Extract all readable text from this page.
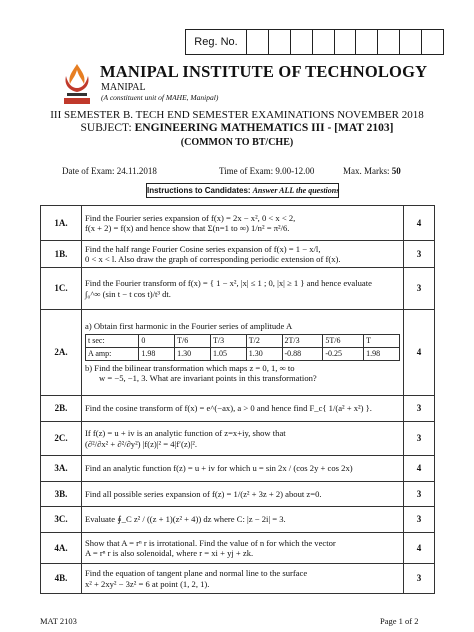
Reg. No.
MANIPAL INSTITUTE OF TECHNOLOGY
MANIPAL
(A constituent unit of MAHE, Manipal)
III SEMESTER B. TECH END SEMESTER EXAMINATIONS NOVEMBER 2018
SUBJECT: ENGINEERING MATHEMATICS III - [MAT 2103]
(COMMON TO BT/CHE)
Date of Exam: 24.11.2018	Time of Exam: 9.00-12.00	Max. Marks: 50
Instructions to Candidates: Answer ALL the questions
1A.	Find the Fourier series expansion of f(x) = 2x − x², 0 < x < 2,
f(x + 2) = f(x) and hence show that Σ(n=1 to ∞) 1/n² = π²/6.
	4
1B.	Find the half range Fourier Cosine series expansion of f(x) = 1 − x/l,
0 < x < l. Also draw the graph of corresponding periodic extension of f(x).
	3
1C.	Find the Fourier transform of f(x) = { 1 − x², |x| ≤ 1 ; 0, |x| ≥ 1 } and hence evaluate
∫₀^∞ (sin t − t cos t)/t³ dt.
	3
2A.	
a) Obtain first harmonic in the Fourier series of amplitude A
t sec:	0	T/6	T/3	T/2	2T/3	5T/6	T
A amp:	1.98	1.30	1.05	1.30	-0.88	-0.25	1.98
b) Find the bilinear transformation which maps z = 0, 1, ∞ to
w = −5, −1, 3. What are invariant points in this transformation?
	4
2B.	Find the cosine transform of f(x) = e^(−ax), a > 0 and hence find F_c{ 1/(a² + x²) }.	3
2C.	If f(z) = u + iv is an analytic function of z=x+iy, show that
(∂²/∂x² + ∂²/∂y²) |f(z)|² = 4|f′(z)|².
	3
3A.	Find an analytic function f(z) = u + iv for which u = sin 2x / (cos 2y + cos 2x)	4
3B.	Find all possible series expansion of f(z) = 1/(z² + 3z + 2) about z=0.	3
3C.	Evaluate ∮_C z² / ((z + 1)(z² + 4)) dz where C: |z − 2i| = 3.	3
4A.	Show that A = rⁿ r is irrotational. Find the value of n for which the vector
A = rⁿ r is also solenoidal, where r = xi + yj + zk.
	4
4B.	Find the equation of tangent plane and normal line to the surface
x² + 2xy² − 3z² = 6 at point (1, 2, 1).
	3
MAT 2103	Page 1 of 2
